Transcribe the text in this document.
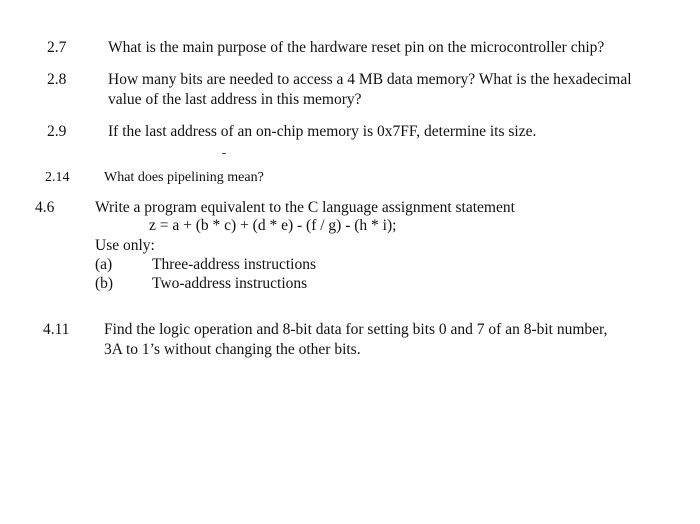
2.7	What is the main purpose of the hardware reset pin on the microcontroller chip?
2.8	How many bits are needed to access a 4 MB data memory? What is the hexadecimal
value of the last address in this memory?
2.9	If the last address of an on-chip memory is 0x7FF, determine its size.
2.14 What does pipelining mean?
4.6	Write a program equivalent to the C language assignment statement
z = a + (b * c) + (d * e) - (f / g) - (h * i);
Use only:
(a)	Three-address instructions
(b)	Two-address instructions
4.11 Find the logic operation and 8-bit data for setting bits 0 and 7 of an 8-bit number,
3A to 1’s without changing the other bits.
